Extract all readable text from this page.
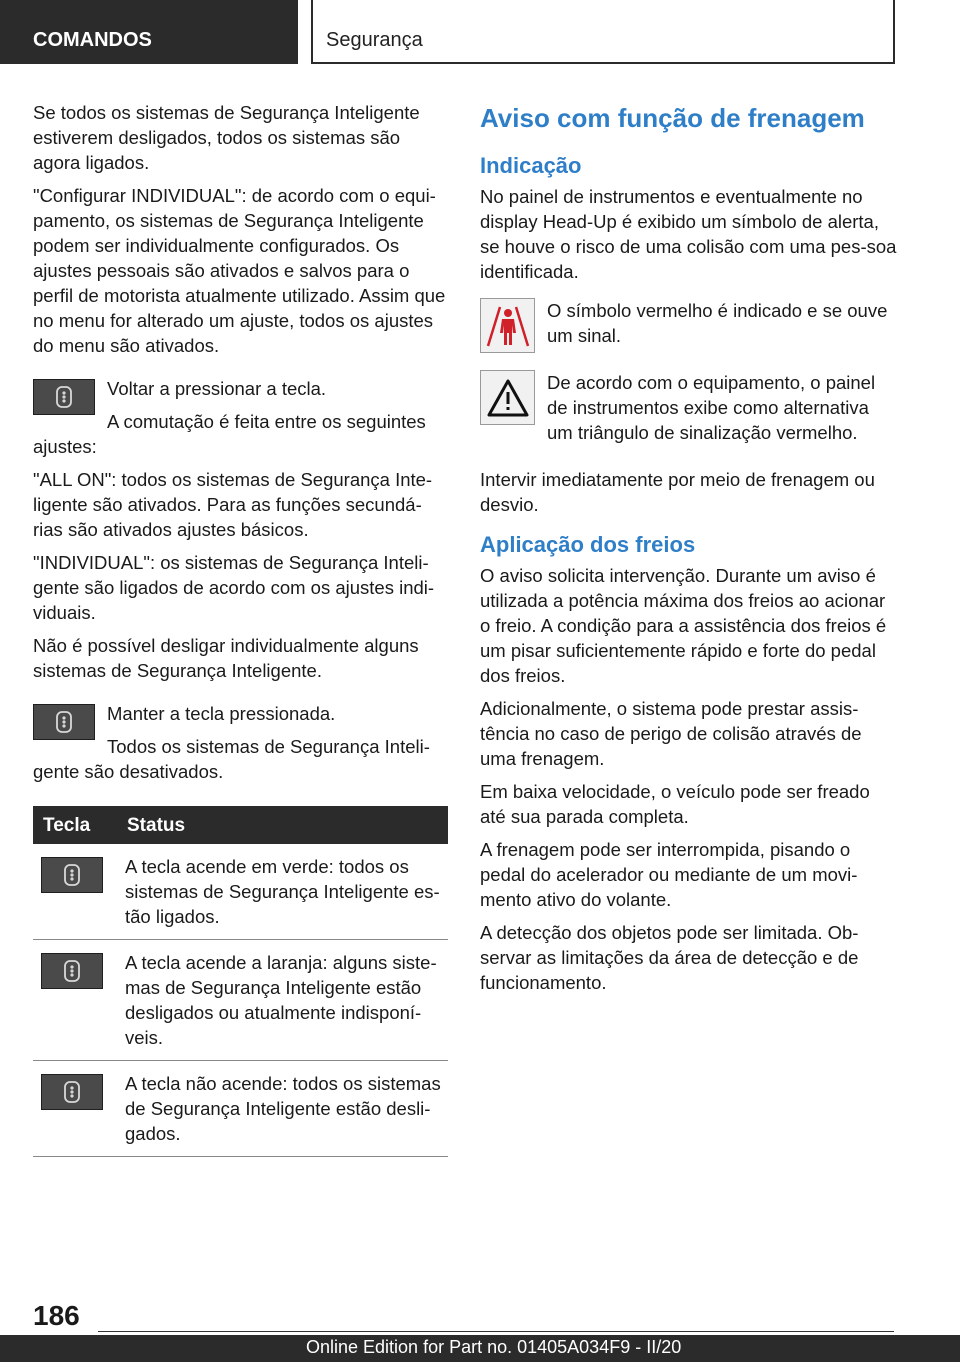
COMANDOS	Segurança

Se todos os sistemas de Segurança Inteligente estiverem desligados, todos os sistemas são agora ligados.

"Configurar INDIVIDUAL": de acordo com o equi‐pamento, os sistemas de Segurança Inteligente podem ser individualmente configurados. Os ajustes pessoais são ativados e salvos para o perfil de motorista atualmente utilizado. Assim que no menu for alterado um ajuste, todos os ajustes do menu são ativados.

Voltar a pressionar a tecla.

A comutação é feita entre os seguintes

ajustes:

"ALL ON": todos os sistemas de Segurança Inte‐ligente são ativados. Para as funções secundá‐rias são ativados ajustes básicos.

"INDIVIDUAL": os sistemas de Segurança Inteli‐gente são ligados de acordo com os ajustes indi‐viduais.

Não é possível desligar individualmente alguns sistemas de Segurança Inteligente.

Manter a tecla pressionada.

Todos os sistemas de Segurança Inteli‐

gente são desativados.

Tecla	Status

	A tecla acende em verde: todos os sistemas de Segurança Inteligente es‐tão ligados.

	A tecla acende a laranja: alguns siste‐mas de Segurança Inteligente estão desligados ou atualmente indisponí‐veis.

	A tecla não acende: todos os sistemas de Segurança Inteligente estão desli‐gados.
Aviso com função de frenagem
Indicação

No painel de instrumentos e eventualmente no display Head-Up é exibido um símbolo de alerta, se houve o risco de uma colisão com uma pes‐soa identificada.

O símbolo vermelho é indicado e se ouve um sinal.

De acordo com o equipamento, o painel de instrumentos exibe como alternativa um triângulo de sinalização vermelho.

Intervir imediatamente por meio de frenagem ou desvio.

Aplicação dos freios

O aviso solicita intervenção. Durante um aviso é utilizada a potência máxima dos freios ao acionar o freio. A condição para a assistência dos freios é um pisar suficientemente rápido e forte do pedal dos freios.

Adicionalmente, o sistema pode prestar assis‐tência no caso de perigo de colisão através de uma frenagem.

Em baixa velocidade, o veículo pode ser freado até sua parada completa.

A frenagem pode ser interrompida, pisando o pedal do acelerador ou mediante de um movi‐mento ativo do volante.

A detecção dos objetos pode ser limitada. Ob‐servar as limitações da área de detecção e de funcionamento.

186
Online Edition for Part no. 01405A034F9 - II/20
